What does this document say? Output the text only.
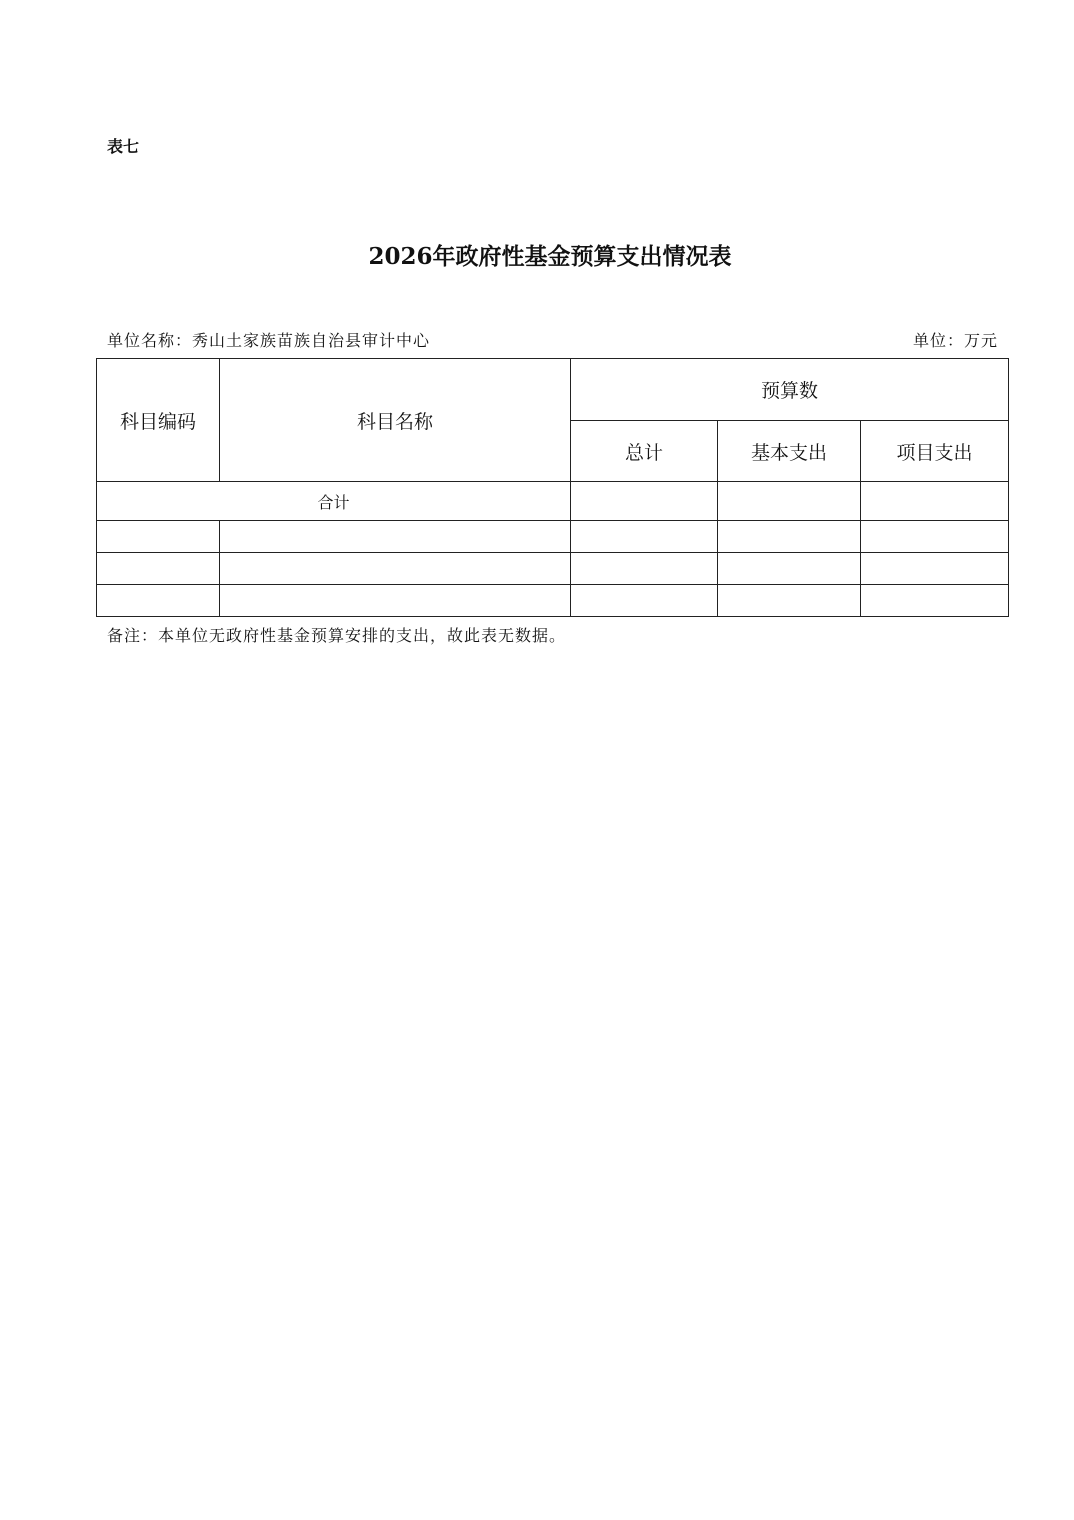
表七
2026年政府性基金预算支出情况表
单位名称：秀山土家族苗族自治县审计中心	单位：万元
科目编码	科目名称	预算数		
		总计	基本支出	项目支出
合计				

备注：本单位无政府性基金预算安排的支出，故此表无数据。
